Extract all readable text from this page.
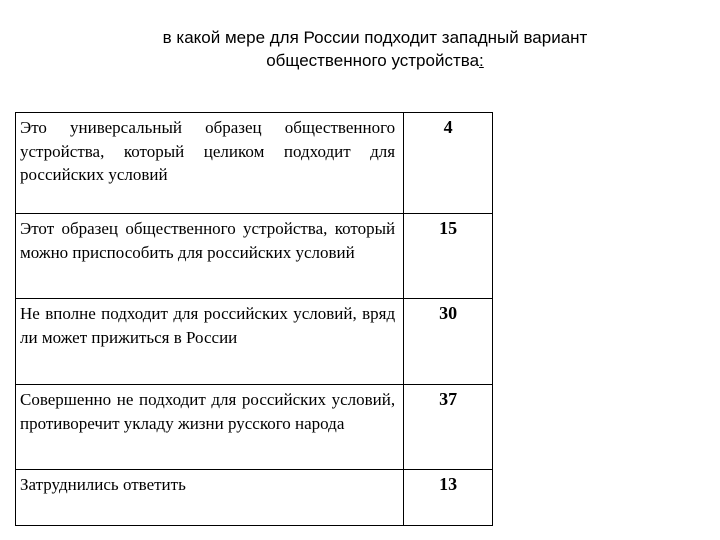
в какой мере для России подходит западный вариант
общественного устройства:
Это универсальный образец общественного устройства, который целиком подходит для российских условий	4
Этот образец общественного устройства, который можно приспособить для российских условий	15
Не вполне подходит для российских условий, вряд ли может прижиться в России	30
Совершенно не подходит для российских условий, противоречит укладу жизни русского народа	37
Затруднились ответить	13
